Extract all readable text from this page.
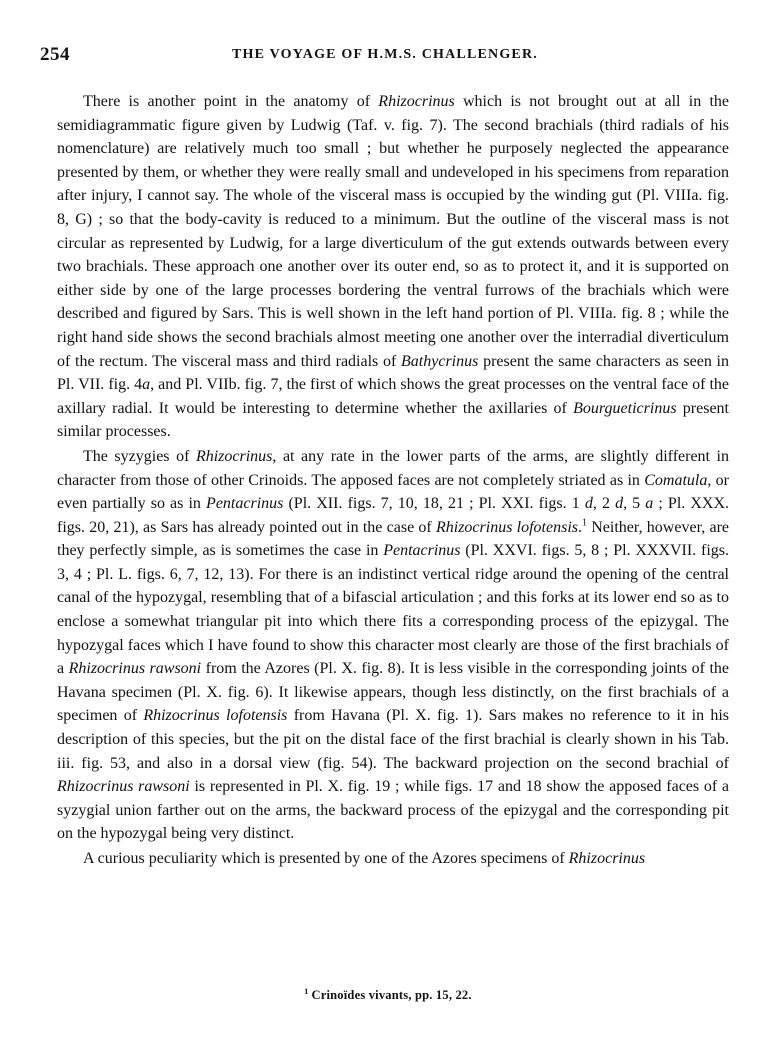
254	THE VOYAGE OF H.M.S. CHALLENGER.

There is another point in the anatomy of Rhizocrinus which is not brought out at all in the semidiagrammatic figure given by Ludwig (Taf. v. fig. 7). The second brachials (third radials of his nomenclature) are relatively much too small ; but whether he purposely neglected the appearance presented by them, or whether they were really small and undeveloped in his specimens from reparation after injury, I cannot say. The whole of the visceral mass is occupied by the winding gut (Pl. VIIIa. fig. 8, G) ; so that the body-cavity is reduced to a minimum. But the outline of the visceral mass is not circular as represented by Ludwig, for a large diverticulum of the gut extends outwards between every two brachials. These approach one another over its outer end, so as to protect it, and it is supported on either side by one of the large processes bordering the ventral furrows of the brachials which were described and figured by Sars. This is well shown in the left hand portion of Pl. VIIIa. fig. 8 ; while the right hand side shows the second brachials almost meeting one another over the interradial diverticulum of the rectum. The visceral mass and third radials of Bathycrinus present the same characters as seen in Pl. VII. fig. 4a, and Pl. VIIb. fig. 7, the first of which shows the great processes on the ventral face of the axillary radial. It would be interesting to determine whether the axillaries of Bourgueticrinus present similar processes.

The syzygies of Rhizocrinus, at any rate in the lower parts of the arms, are slightly different in character from those of other Crinoids. The apposed faces are not completely striated as in Comatula, or even partially so as in Pentacrinus (Pl. XII. figs. 7, 10, 18, 21 ; Pl. XXI. figs. 1 d, 2 d, 5 a ; Pl. XXX. figs. 20, 21), as Sars has already pointed out in the case of Rhizocrinus lofotensis.$^1$ Neither, however, are they perfectly simple, as is sometimes the case in Pentacrinus (Pl. XXVI. figs. 5, 8 ; Pl. XXXVII. figs. 3, 4 ; Pl. L. figs. 6, 7, 12, 13). For there is an indistinct vertical ridge around the opening of the central canal of the hypozygal, resembling that of a bifascial articulation ; and this forks at its lower end so as to enclose a somewhat triangular pit into which there fits a corresponding process of the epizygal. The hypozygal faces which I have found to show this character most clearly are those of the first brachials of a Rhizocrinus rawsoni from the Azores (Pl. X. fig. 8). It is less visible in the corresponding joints of the Havana specimen (Pl. X. fig. 6). It likewise appears, though less distinctly, on the first brachials of a specimen of Rhizocrinus lofotensis from Havana (Pl. X. fig. 1). Sars makes no reference to it in his description of this species, but the pit on the distal face of the first brachial is clearly shown in his Tab. iii. fig. 53, and also in a dorsal view (fig. 54). The backward projection on the second brachial of Rhizocrinus rawsoni is represented in Pl. X. fig. 19 ; while figs. 17 and 18 show the apposed faces of a syzygial union farther out on the arms, the backward process of the epizygal and the corresponding pit on the hypozygal being very distinct.

A curious peculiarity which is presented by one of the Azores specimens of Rhizocrinus

$^1$ Crinoïdes vivants, pp. 15, 22.
